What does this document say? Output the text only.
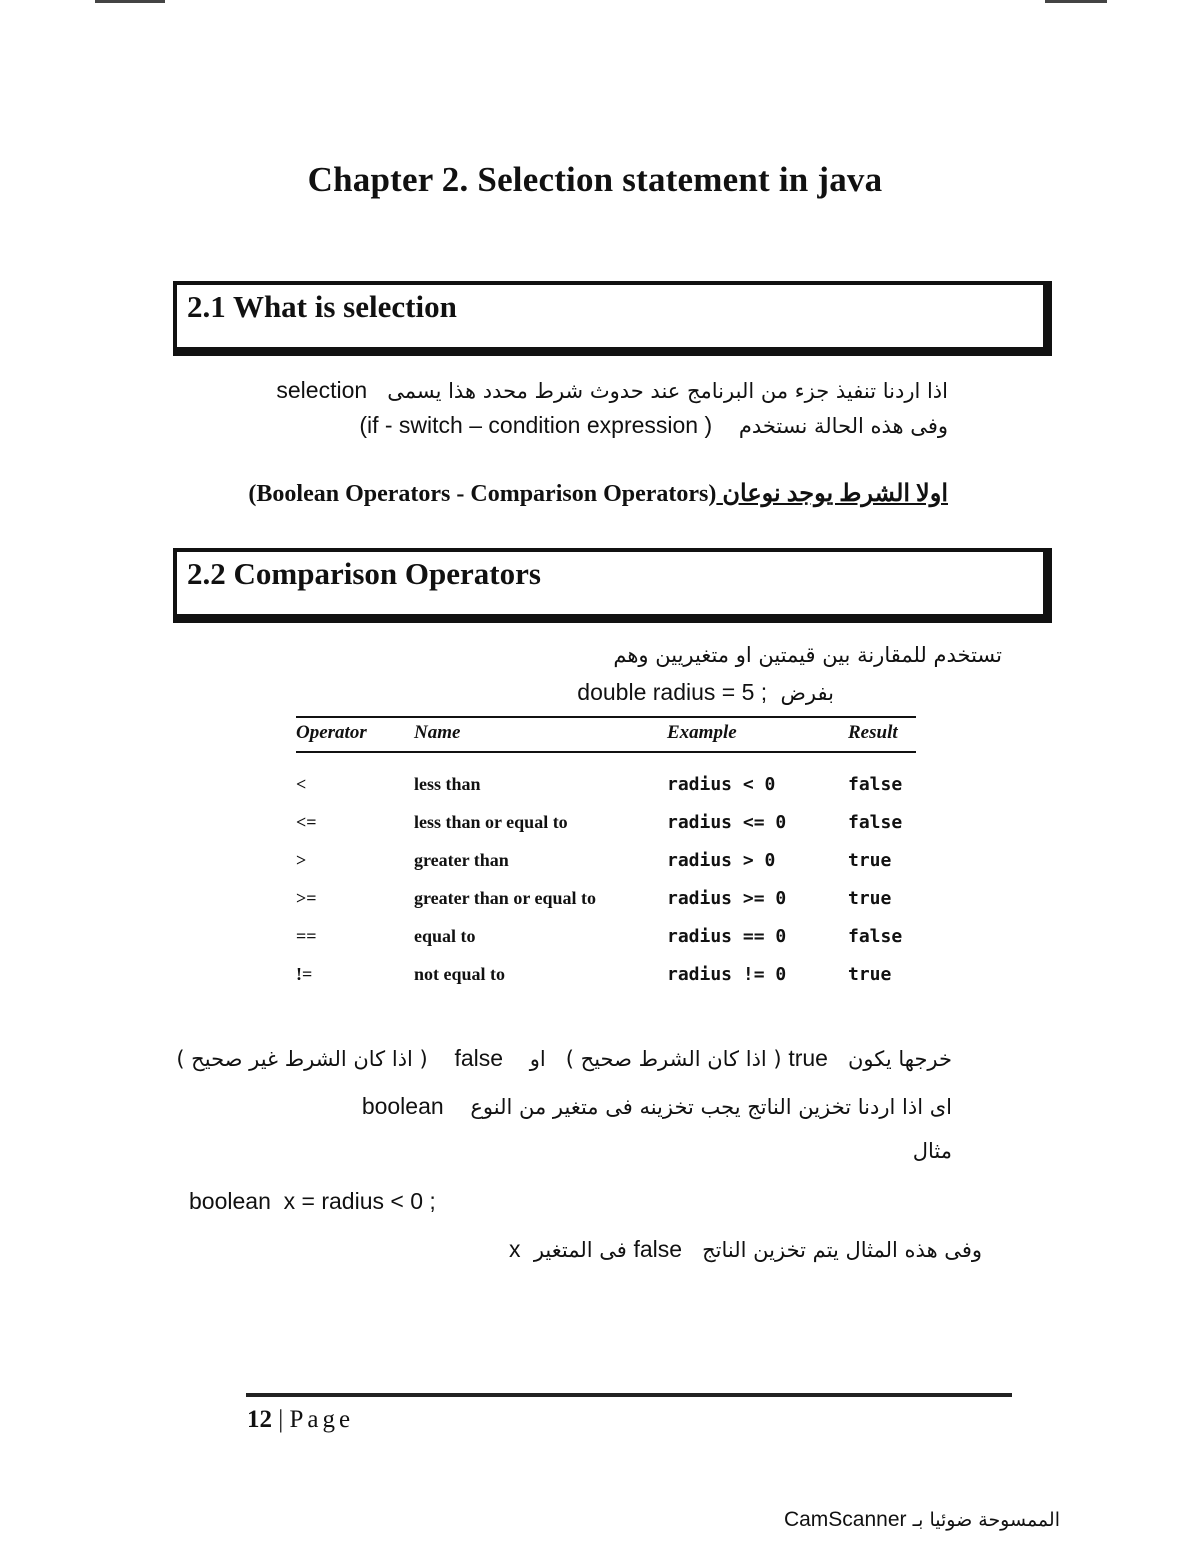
Chapter 2. Selection statement in java
2.1 What is selection
اذا اردنا تنفيذ جزء من البرنامج عند حدوث شرط محدد هذا يسمى   selection
وفى هذه الحالة نستخدم    (if - switch – condition expression )
اولا الشرط يوجد نوعان (Boolean Operators - Comparison Operators)
2.2 Comparison Operators
تستخدم للمقارنة بين قيمتين او متغيريين وهم
بفرض  double radius = 5 ;
Operator	Name	Example	Result
<	less than	radius < 0	false
<=	less than or equal to	radius <= 0	false
>	greater than	radius > 0	true
>=	greater than or equal to	radius >= 0	true
==	equal to	radius == 0	false
!=	not equal to	radius != 0	true
خرجها يكون   true ( اذا كان الشرط صحيح )   او    false    ( اذا كان الشرط غير صحيح )
اى اذا اردنا تخزين الناتج يجب تخزينه فى متغير من النوع    boolean
مثال
boolean  x = radius < 0 ;
وفى هذه المثال يتم تخزين الناتج   false فى المتغير  x
12 | Page
الممسوحة ضوئيا بـ CamScanner
